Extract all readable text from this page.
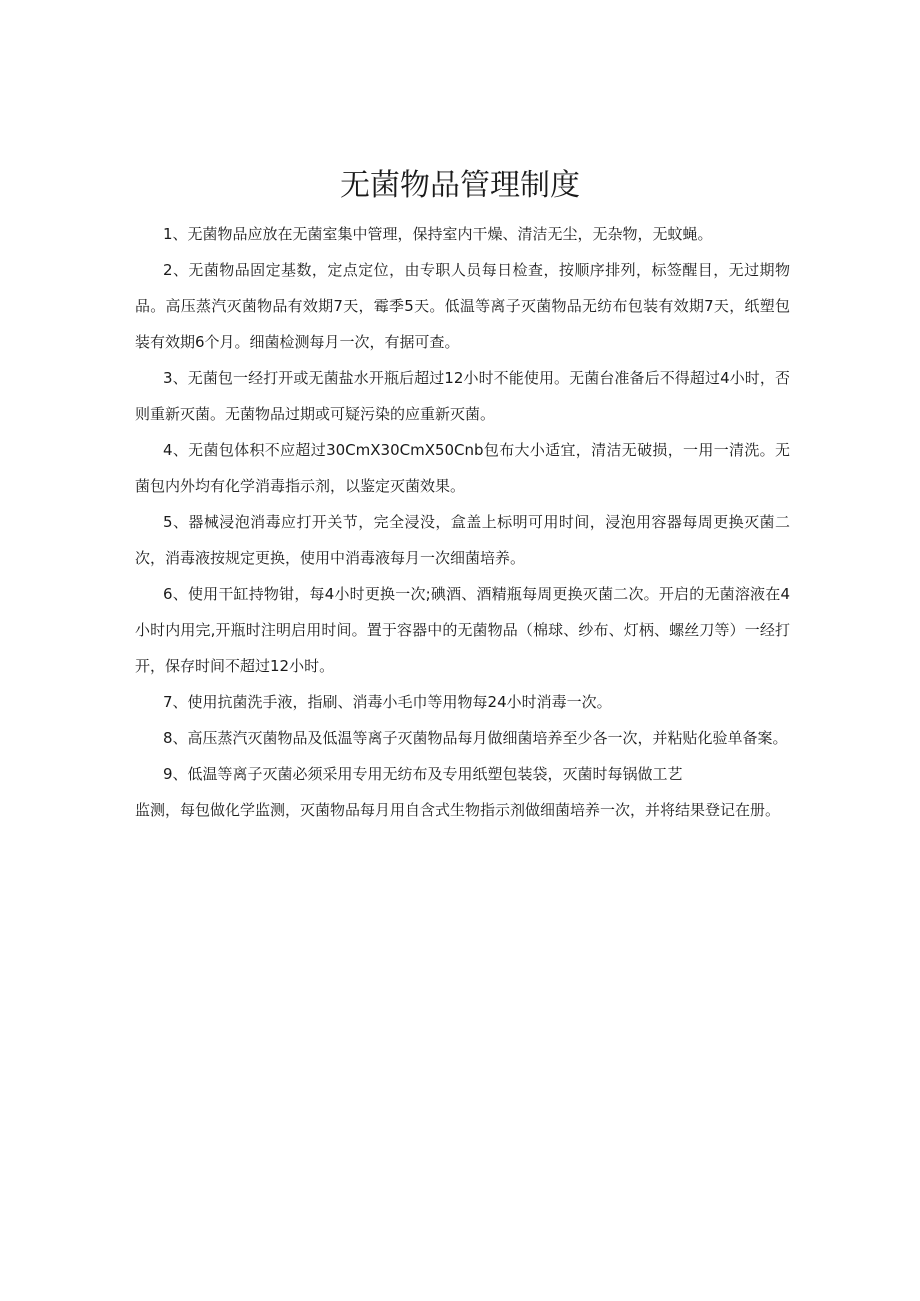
无菌物品管理制度

1、无菌物品应放在无菌室集中管理，保持室内干燥、清洁无尘，无杂物，无蚊蝇。

2、无菌物品固定基数，定点定位，由专职人员每日检查，按顺序排列，标签醒目，无过期物品。高压蒸汽灭菌物品有效期7天，霉季5天。低温等离子灭菌物品无纺布包装有效期7天，纸塑包装有效期6个月。细菌检测每月一次，有据可查。

3、无菌包一经打开或无菌盐水开瓶后超过12小时不能使用。无菌台准备后不得超过4小时，否则重新灭菌。无菌物品过期或可疑污染的应重新灭菌。

4、无菌包体积不应超过30CmX30CmX50Cnb包布大小适宜，清洁无破损，一用一清洗。无菌包内外均有化学消毒指示剂，以鉴定灭菌效果。

5、器械浸泡消毒应打开关节，完全浸没，盒盖上标明可用时间，浸泡用容器每周更换灭菌二次，消毒液按规定更换，使用中消毒液每月一次细菌培养。

6、使用干缸持物钳，每4小时更换一次;碘酒、酒精瓶每周更换灭菌二次。开启的无菌溶液在4小时内用完,开瓶时注明启用时间。置于容器中的无菌物品（棉球、纱布、灯柄、螺丝刀等）一经打开，保存时间不超过12小时。

7、使用抗菌洗手液，指刷、消毒小毛巾等用物每24小时消毒一次。

8、高压蒸汽灭菌物品及低温等离子灭菌物品每月做细菌培养至少各一次，并粘贴化验单备案。

9、低温等离子灭菌必须采用专用无纺布及专用纸塑包装袋，灭菌时每锅做工艺
监测，每包做化学监测，灭菌物品每月用自含式生物指示剂做细菌培养一次，并将结果登记在册。
